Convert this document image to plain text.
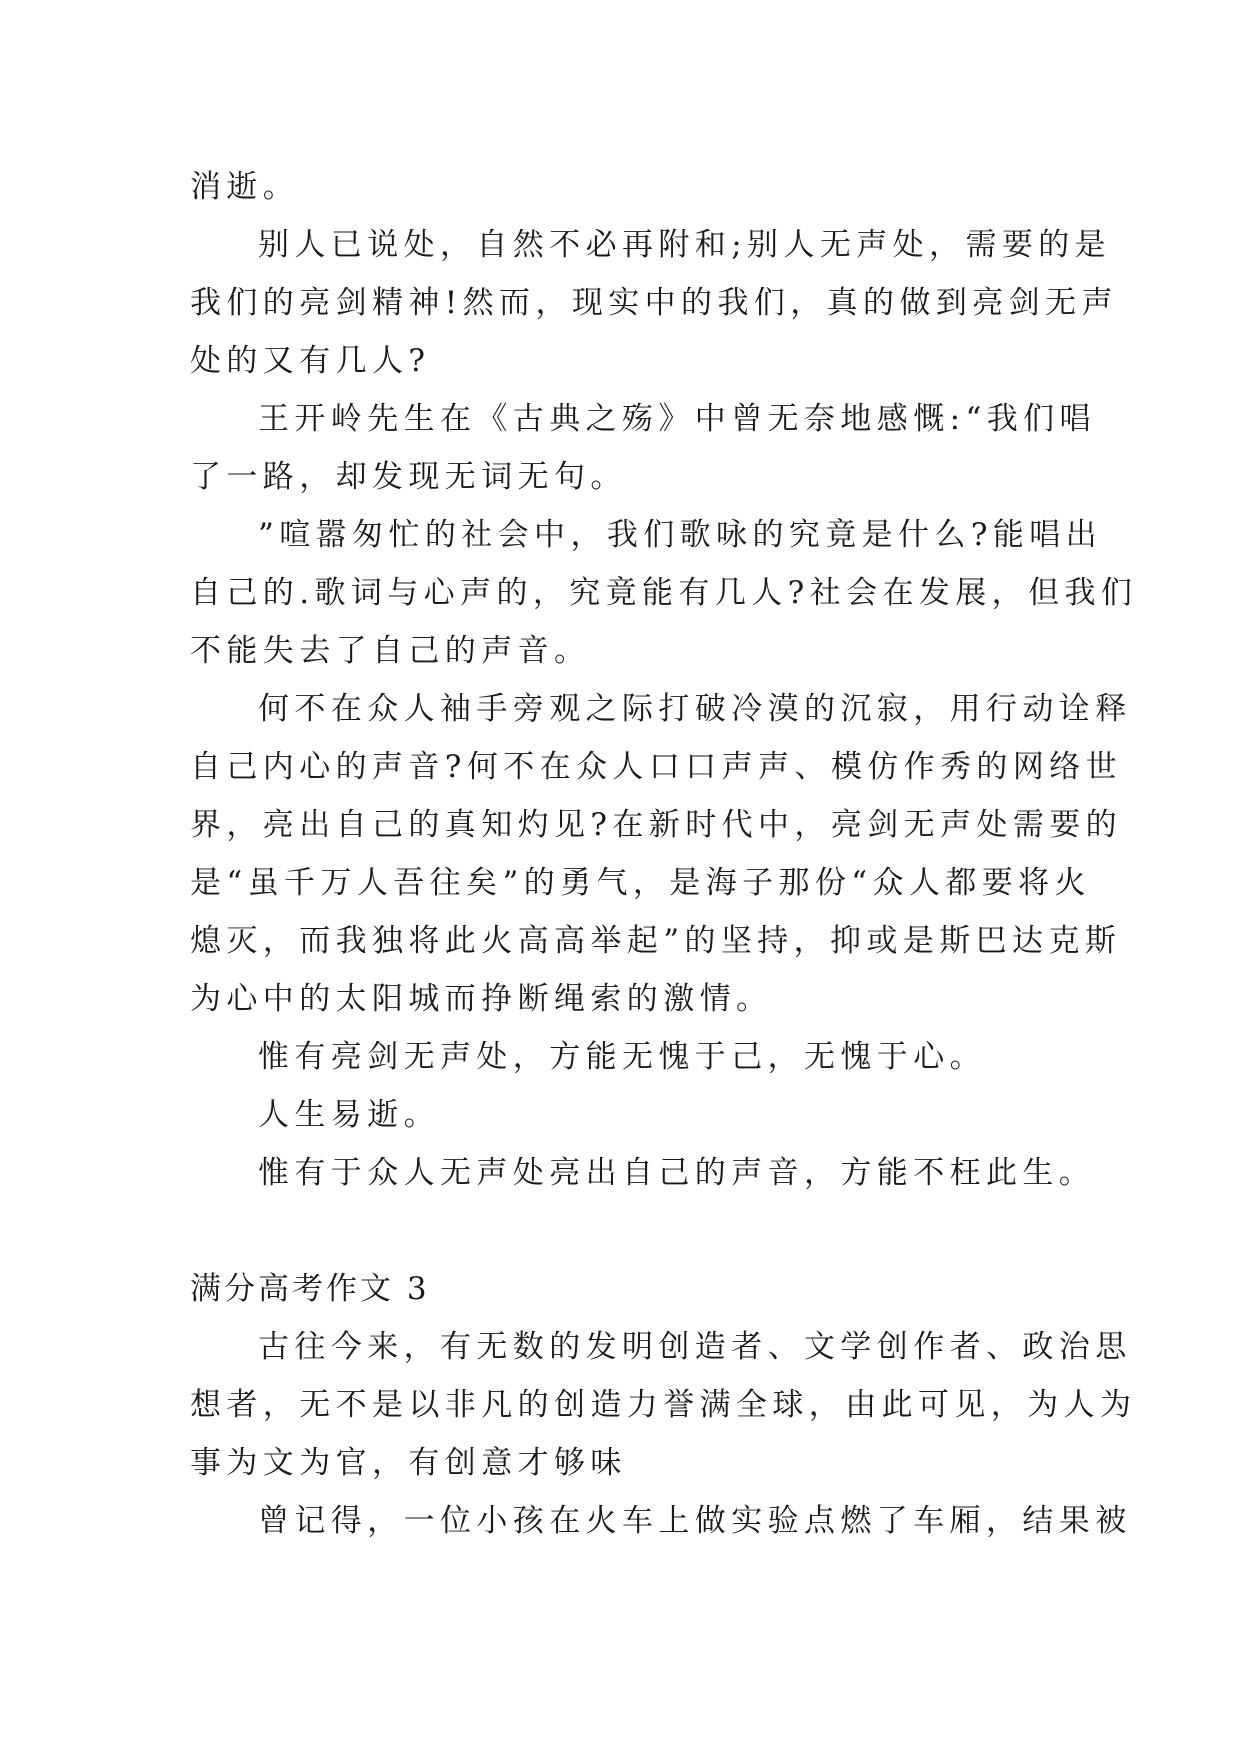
消逝。
别人已说处，自然不必再附和;别人无声处，需要的是
我们的亮剑精神!然而，现实中的我们，真的做到亮剑无声
处的又有几人?
王开岭先生在《古典之殇》中曾无奈地感慨:“我们唱
了一路，却发现无词无句。
”喧嚣匆忙的社会中，我们歌咏的究竟是什么?能唱出
自己的.歌词与心声的，究竟能有几人?社会在发展，但我们
不能失去了自己的声音。
何不在众人袖手旁观之际打破冷漠的沉寂，用行动诠释
自己内心的声音?何不在众人口口声声、模仿作秀的网络世
界，亮出自己的真知灼见?在新时代中，亮剑无声处需要的
是“虽千万人吾往矣”的勇气，是海子那份“众人都要将火
熄灭，而我独将此火高高举起”的坚持，抑或是斯巴达克斯
为心中的太阳城而挣断绳索的激情。
惟有亮剑无声处，方能无愧于己，无愧于心。
人生易逝。
惟有于众人无声处亮出自己的声音，方能不枉此生。
满分高考作文 3
古往今来，有无数的发明创造者、文学创作者、政治思
想者，无不是以非凡的创造力誉满全球，由此可见，为人为
事为文为官，有创意才够味
曾记得，一位小孩在火车上做实验点燃了车厢，结果被
